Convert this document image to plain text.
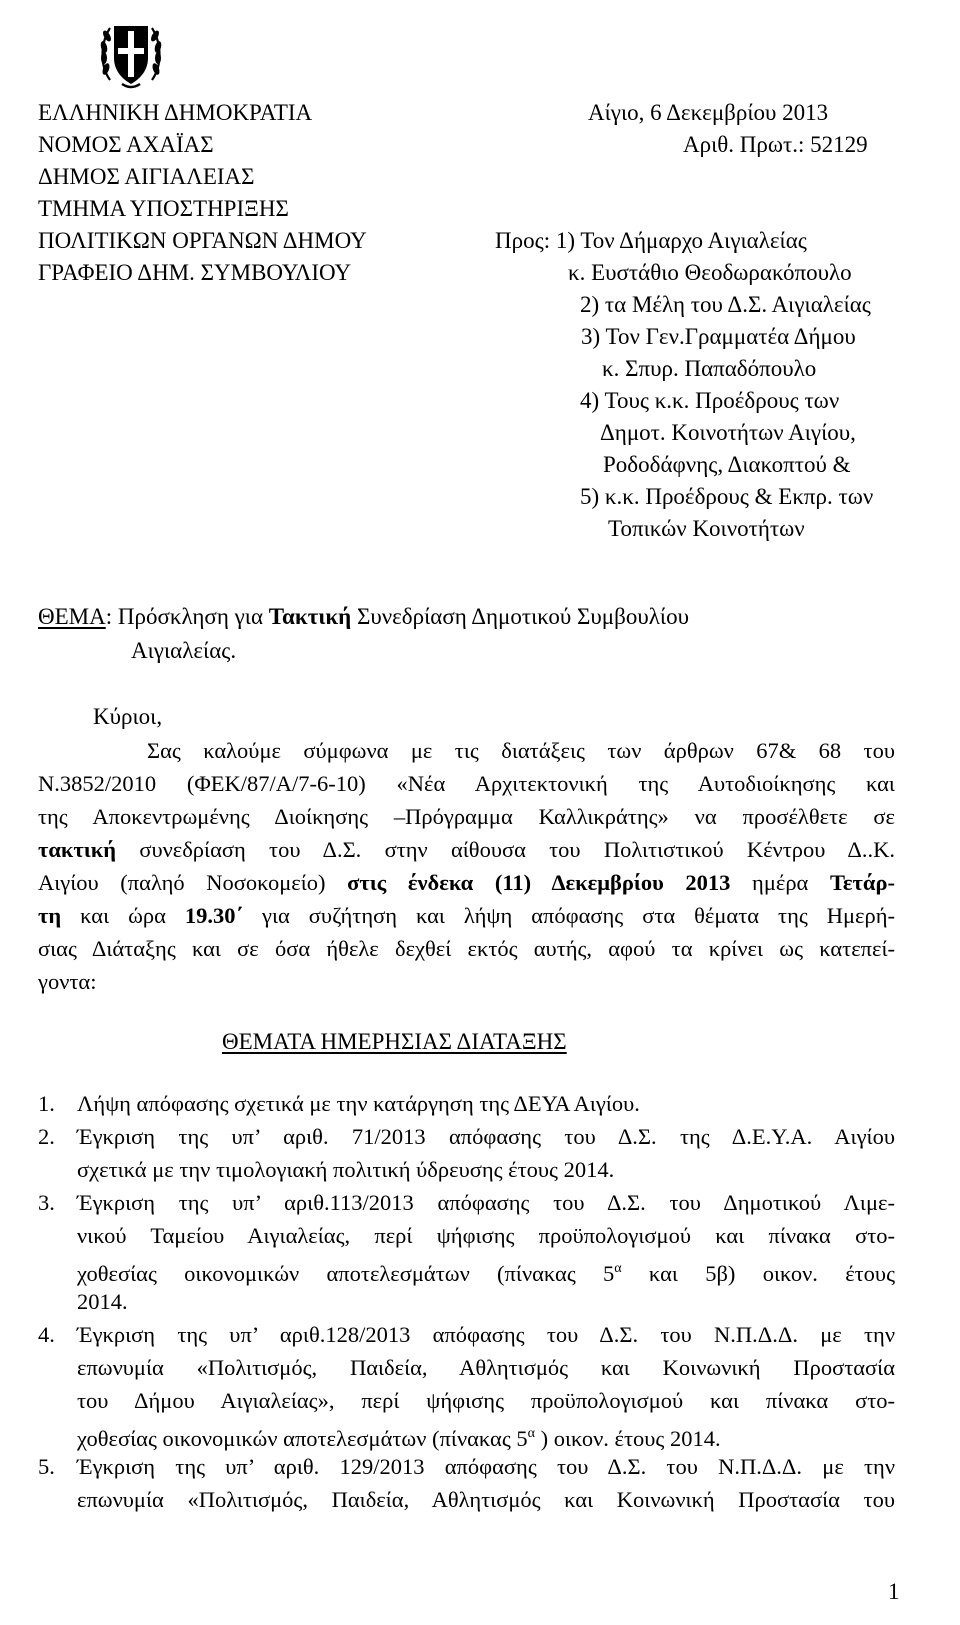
ΕΛΛΗΝΙΚΗ ΔΗΜΟΚΡΑΤΙΑ
ΝΟΜΟΣ ΑΧΑΪΑΣ
ΔΗΜΟΣ ΑΙΓΙΑΛΕΙΑΣ
ΤΜΗΜΑ ΥΠΟΣΤΗΡΙΞΗΣ
ΠΟΛΙΤΙΚΩΝ ΟΡΓΑΝΩΝ ΔΗΜΟΥ
ΓΡΑΦΕΙΟ ΔΗΜ. ΣΥΜΒΟΥΛΙΟΥ
Αίγιο, 6 Δεκεμβρίου 2013
Αριθ. Πρωτ.: 52129
Προς: 1) Τον Δήμαρχο Αιγιαλείας
κ. Ευστάθιο Θεοδωρακόπουλο
2) τα Μέλη του Δ.Σ. Αιγιαλείας
3) Τον Γεν.Γραμματέα Δήμου
κ. Σπυρ. Παπαδόπουλο
4) Τους κ.κ. Προέδρους των
Δημοτ. Κοινοτήτων Αιγίου,
Ροδοδάφνης, Διακοπτού &
5) κ.κ. Προέδρους & Εκπρ. των
Τοπικών Κοινοτήτων
ΘΕΜΑ: Πρόσκληση για Τακτική Συνεδρίαση Δημοτικού Συμβουλίου
Αιγιαλείας.
Κύριοι,
Σας καλούμε σύμφωνα με τις διατάξεις των άρθρων 67& 68 του
Ν.3852/2010 (ΦΕΚ/87/Α/7-6-10) «Νέα Αρχιτεκτονική της Αυτοδιοίκησης και
της Αποκεντρωμένης Διοίκησης –Πρόγραμμα Καλλικράτης» να προσέλθετε σε
τακτική συνεδρίαση του Δ.Σ. στην αίθουσα του Πολιτιστικού Κέντρου Δ..Κ.
Αιγίου (παληό Νοσοκομείο) στις ένδεκα (11) Δεκεμβρίου 2013 ημέρα Τετάρ-
τη και ώρα 19.30΄ για συζήτηση και λήψη απόφασης στα θέματα της Ημερή-
σιας Διάταξης και σε όσα ήθελε δεχθεί εκτός αυτής, αφού τα κρίνει ως κατεπεί-
γοντα:
ΘΕΜΑΤΑ ΗΜΕΡΗΣΙΑΣ ΔΙΑΤΑΞΗΣ
1. Λήψη απόφασης σχετικά με την κατάργηση της ΔΕΥΑ Αιγίου.
2. Έγκριση της υπ’ αριθ. 71/2013 απόφασης του Δ.Σ. της Δ.Ε.Υ.Α. Αιγίου
σχετικά με την τιμολογιακή πολιτική ύδρευσης έτους 2014.
3. Έγκριση της υπ’ αριθ.113/2013 απόφασης του Δ.Σ. του Δημοτικού Λιμε-
νικού Ταμείου Αιγιαλείας, περί ψήφισης προϋπολογισμού και πίνακα στο-
χοθεσίας οικονομικών αποτελεσμάτων (πίνακας $5^\alpha$ και 5β) οικον. έτους
2014.
4. Έγκριση της υπ’ αριθ.128/2013 απόφασης του Δ.Σ. του Ν.Π.Δ.Δ. με την
επωνυμία «Πολιτισμός, Παιδεία, Αθλητισμός και Κοινωνική Προστασία
του Δήμου Αιγιαλείας», περί ψήφισης προϋπολογισμού και πίνακα στο-
χοθεσίας οικονομικών αποτελεσμάτων (πίνακας $5^\alpha$ ) οικον. έτους 2014.
5. Έγκριση της υπ’ αριθ. 129/2013 απόφασης του Δ.Σ. του Ν.Π.Δ.Δ. με την
επωνυμία «Πολιτισμός, Παιδεία, Αθλητισμός και Κοινωνική Προστασία του
1
